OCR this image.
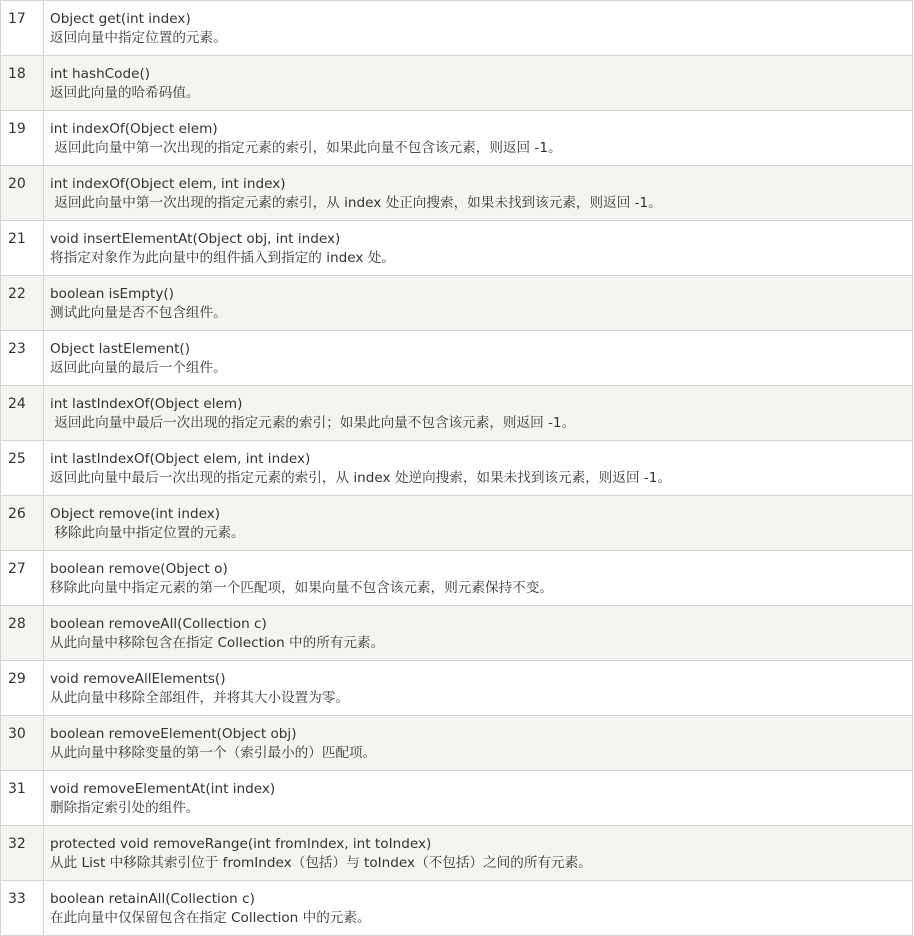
17	Object get(int index)
返回向量中指定位置的元素。

18	int hashCode()
返回此向量的哈希码值。

19	int indexOf(Object elem)
返回此向量中第一次出现的指定元素的索引，如果此向量不包含该元素，则返回 -1。

20	int indexOf(Object elem, int index)
返回此向量中第一次出现的指定元素的索引，从 index 处正向搜索，如果未找到该元素，则返回 -1。

21	void insertElementAt(Object obj, int index)
将指定对象作为此向量中的组件插入到指定的 index 处。

22	boolean isEmpty()
测试此向量是否不包含组件。

23	Object lastElement()
返回此向量的最后一个组件。

24	int lastIndexOf(Object elem)
返回此向量中最后一次出现的指定元素的索引；如果此向量不包含该元素，则返回 -1。

25	int lastIndexOf(Object elem, int index)
返回此向量中最后一次出现的指定元素的索引，从 index 处逆向搜索，如果未找到该元素，则返回 -1。

26	Object remove(int index)
移除此向量中指定位置的元素。

27	boolean remove(Object o)
移除此向量中指定元素的第一个匹配项，如果向量不包含该元素，则元素保持不变。

28	boolean removeAll(Collection c)
从此向量中移除包含在指定 Collection 中的所有元素。

29	void removeAllElements()
从此向量中移除全部组件，并将其大小设置为零。

30	boolean removeElement(Object obj)
从此向量中移除变量的第一个（索引最小的）匹配项。

31	void removeElementAt(int index)
删除指定索引处的组件。

32	protected void removeRange(int fromIndex, int toIndex)
从此 List 中移除其索引位于 fromIndex（包括）与 toIndex（不包括）之间的所有元素。

33	boolean retainAll(Collection c)
在此向量中仅保留包含在指定 Collection 中的元素。
